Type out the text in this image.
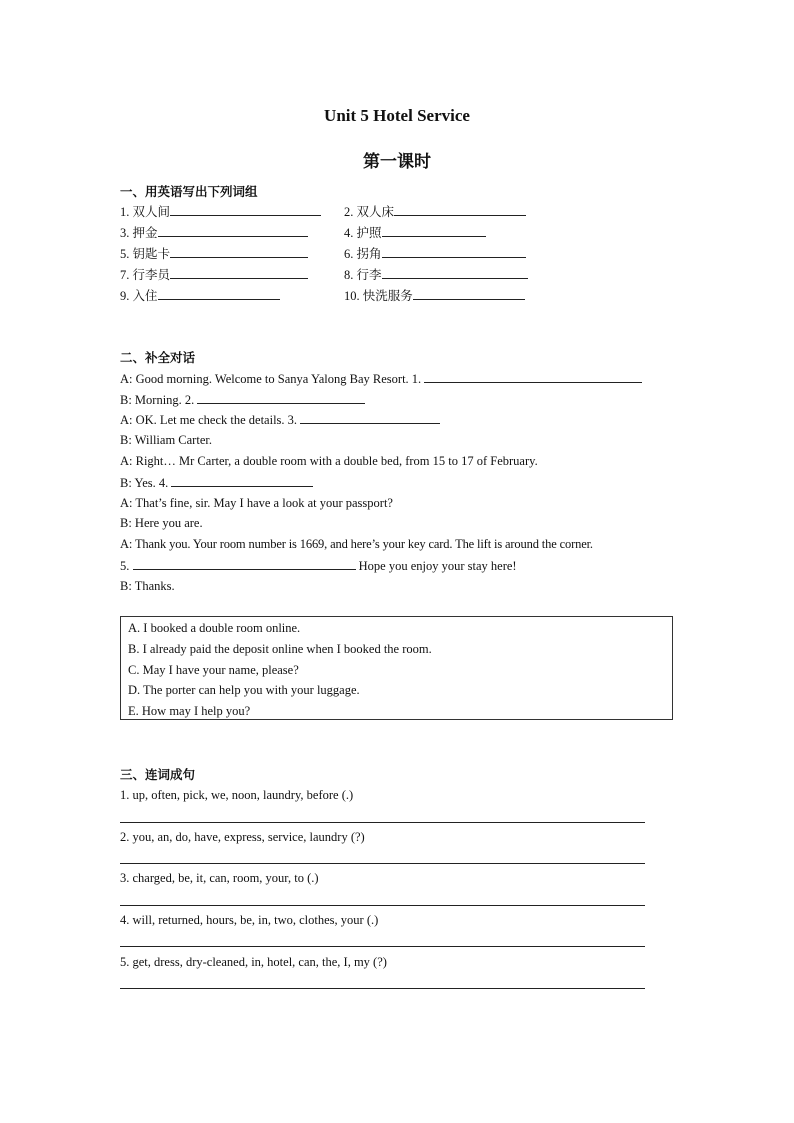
Unit 5 Hotel Service
第一课时
一、用英语写出下列词组
1. 双人间	2. 双人床
3. 押金	4. 护照
5. 钥匙卡	6. 拐角
7. 行李员	8. 行李
9. 入住	10. 快洗服务
二、补全对话
A: Good morning. Welcome to Sanya Yalong Bay Resort. 1.
B: Morning. 2.
A: OK. Let me check the details. 3.
B: William Carter.
A: Right… Mr Carter, a double room with a double bed, from 15 to 17 of February.
B: Yes. 4.
A: That’s fine, sir. May I have a look at your passport?
B: Here you are.
A: Thank you. Your room number is 1669, and here’s your key card. The lift is around the corner.
5.	Hope you enjoy your stay here!
B: Thanks.
A. I booked a double room online.
B. I already paid the deposit online when I booked the room.
C. May I have your name, please?
D. The porter can help you with your luggage.
E. How may I help you?
三、连词成句
1. up, often, pick, we, noon, laundry, before (.)
2. you, an, do, have, express, service, laundry (?)
3. charged, be, it, can, room, your, to (.)
4. will, returned, hours, be, in, two, clothes, your (.)
5. get, dress, dry-cleaned, in, hotel, can, the, I, my (?)
